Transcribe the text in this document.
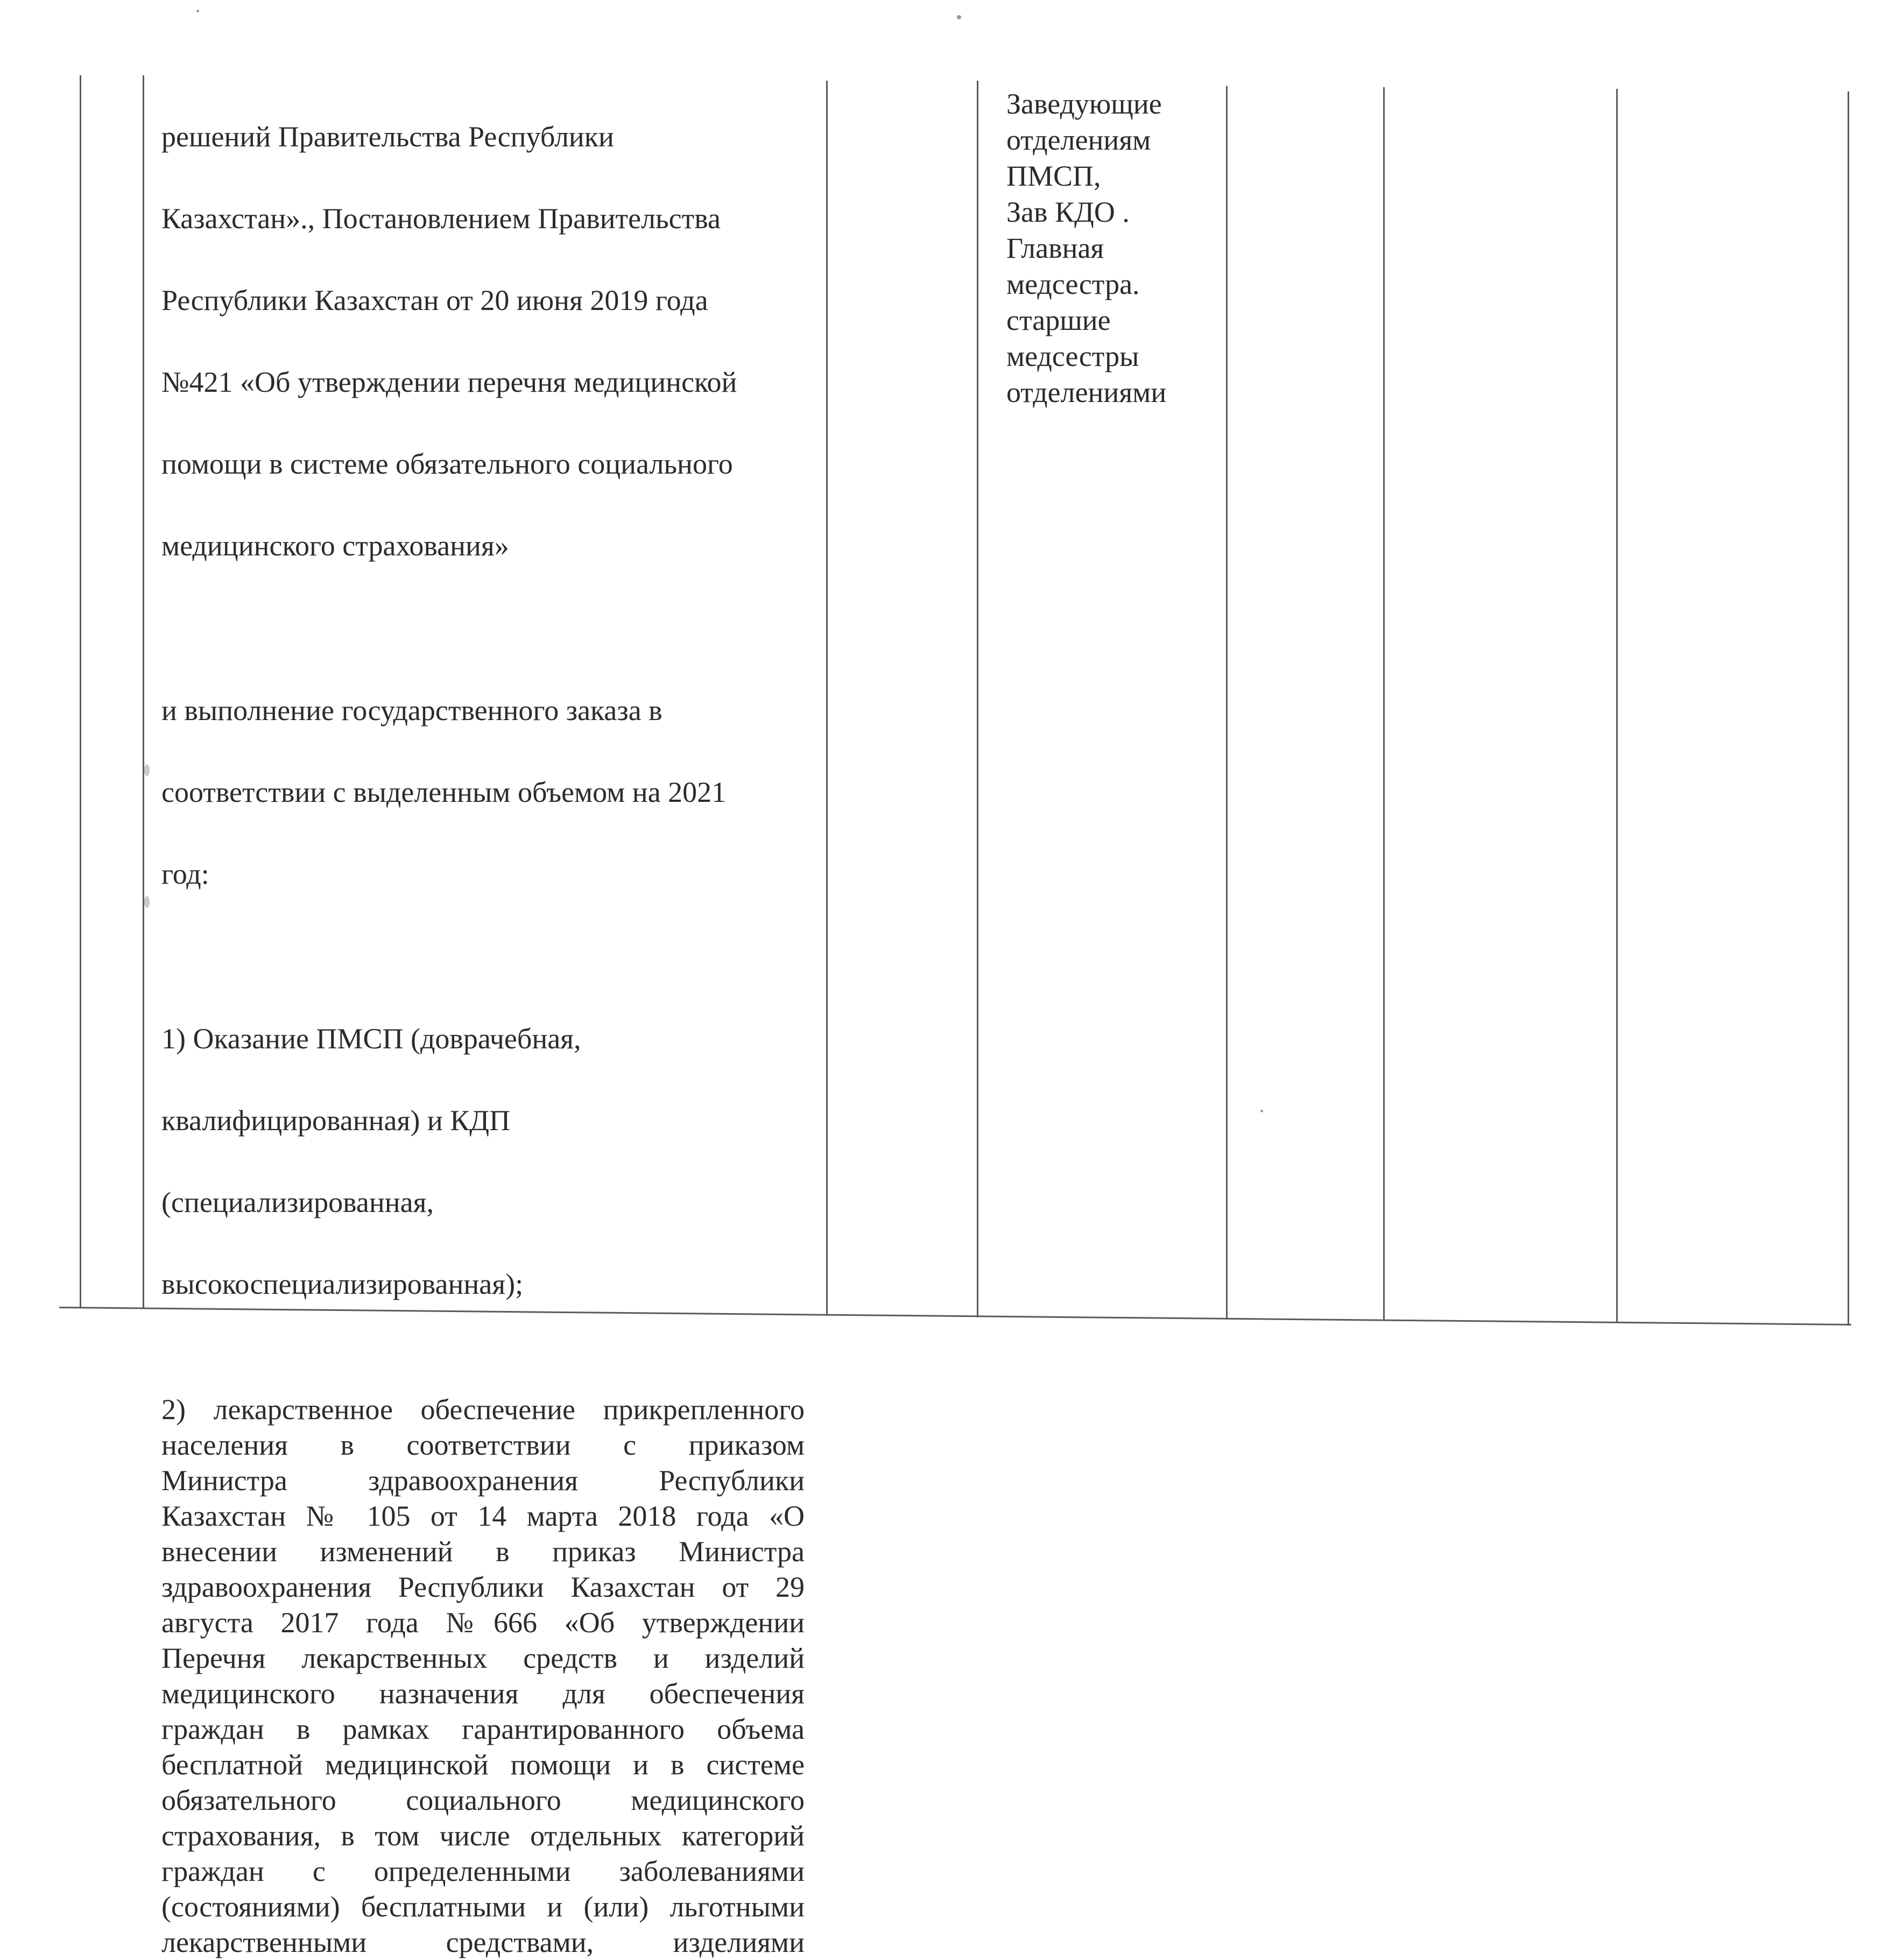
решений Правительства Республики

Казахстан»., Постановлением Правительства

Республики Казахстан от 20 июня 2019 года

№421 «Об утверждении перечня медицинской

помощи в системе обязательного социального

медицинского страхования»

и выполнение государственного заказа в

соответствии с выделенным объемом на 2021

год:

1) Оказание ПМСП (доврачебная,

квалифицированная) и КДП

(специализированная,

высокоспециализированная);

2) лекарственное обеспечение прикрепленного
населения в соответствии с приказом
Министра здравоохранения Республики
Казахстан № 105 от 14 марта 2018 года «О
внесении изменений в приказ Министра
здравоохранения Республики Казахстан от 29
августа 2017 года №666 «Об утверждении
Перечня лекарственных средств и изделий
медицинского назначения для обеспечения
граждан в рамках гарантированного объема
бесплатной медицинской помощи и в системе
обязательного социального медицинского
страхования, в том числе отдельных категорий
граждан с определенными заболеваниями
(состояниями) бесплатными и (или) льготными
лекарственными средствами, изделиями
Заведующие
отделениям
ПМСП,
Зав КДО .
Главная
медсестра.
старшие
медсестры
отделениями
